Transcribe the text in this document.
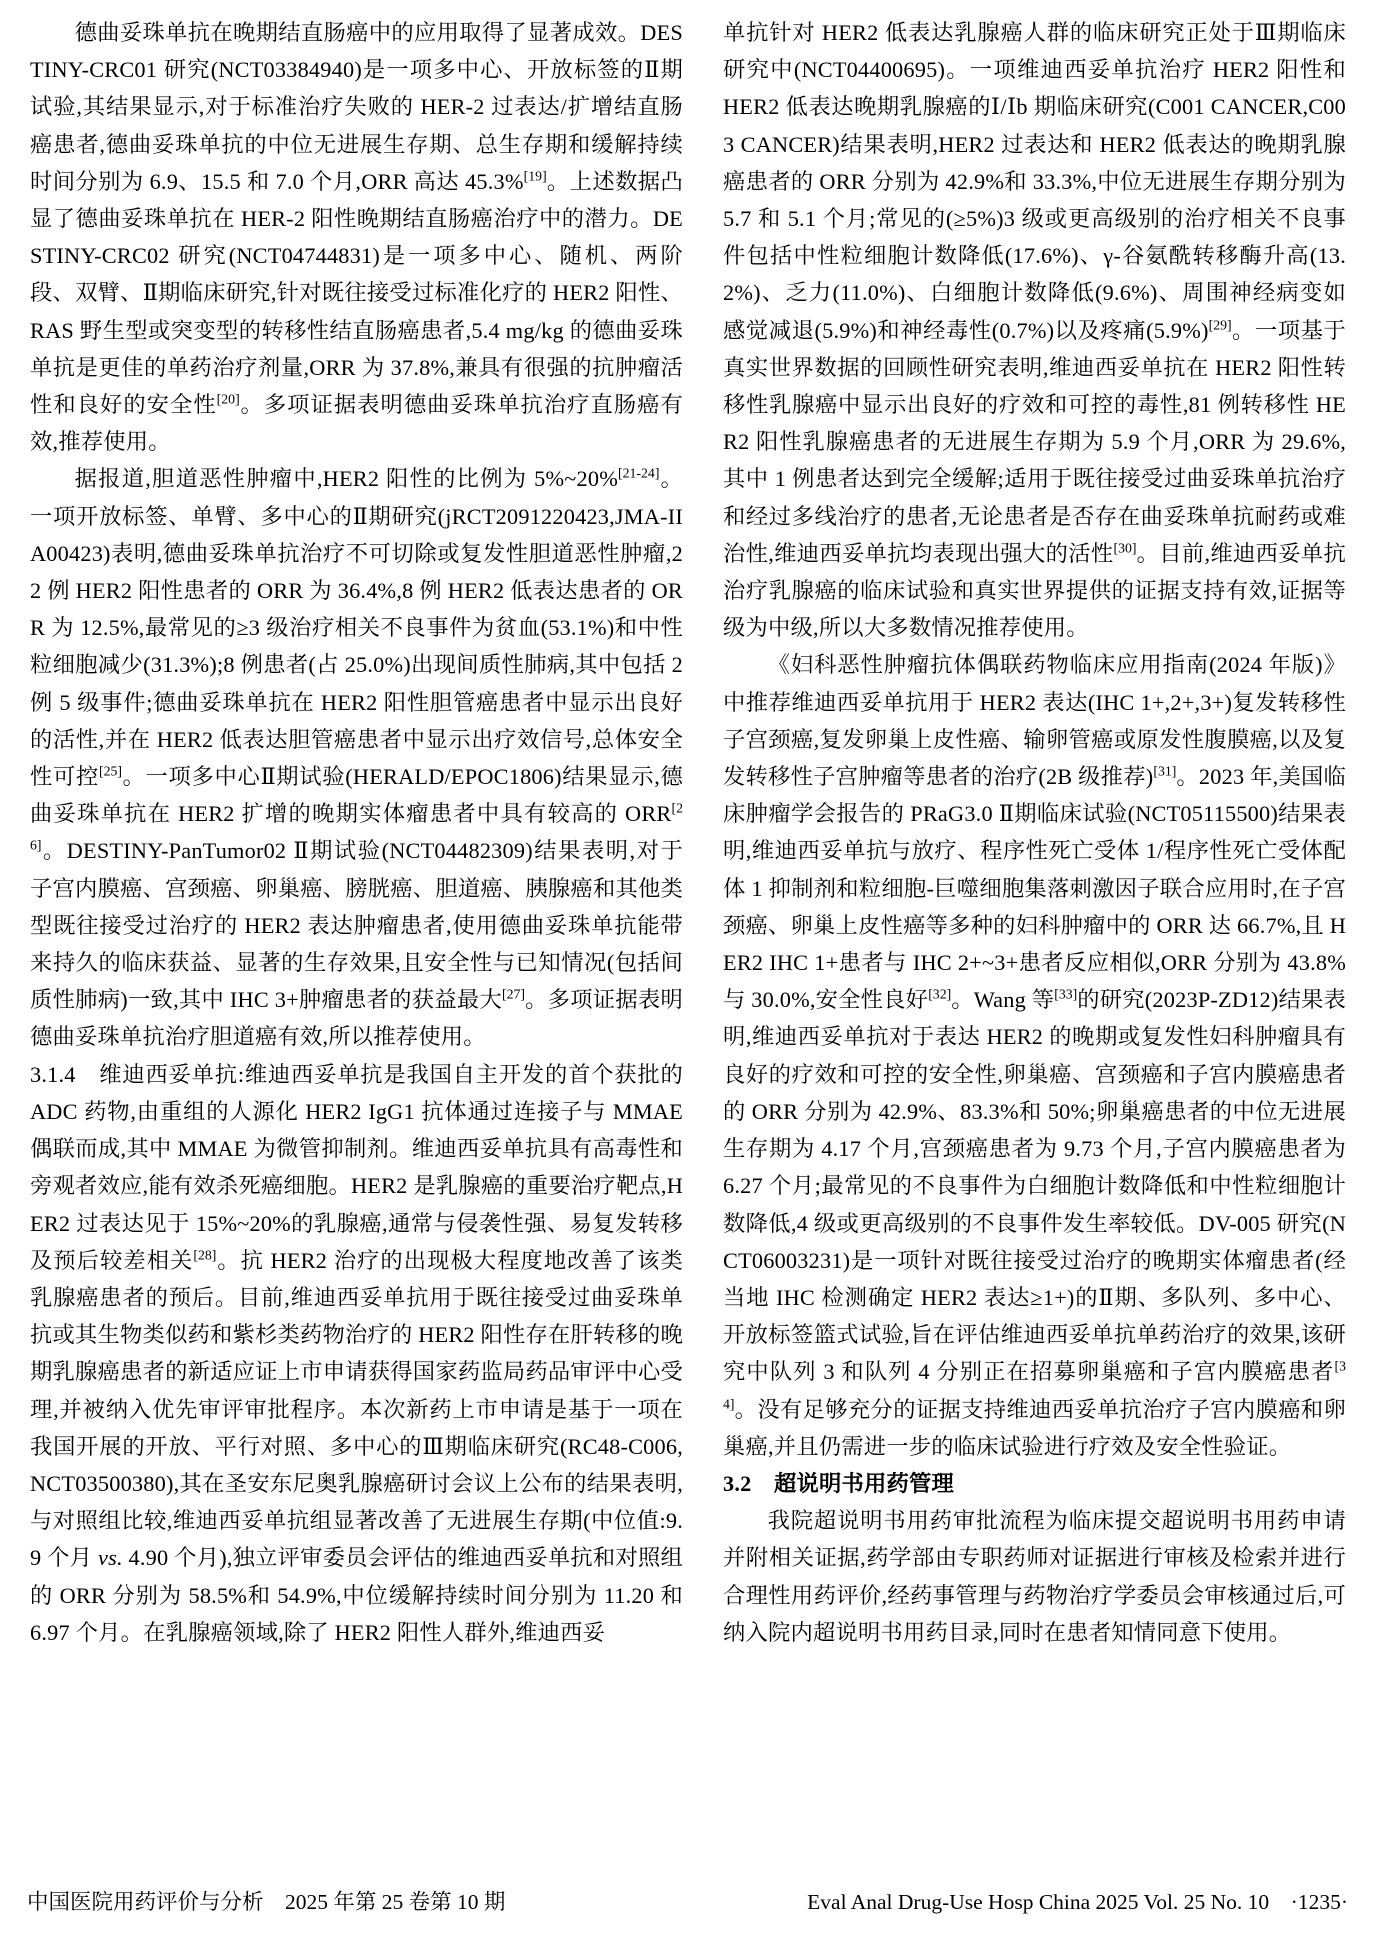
德曲妥珠单抗在晚期结直肠癌中的应用取得了显著成效。DESTINY-CRC01 研究(NCT03384940)是一项多中心、开放标签的Ⅱ期试验,其结果显示,对于标准治疗失败的 HER-2 过表达/扩增结直肠癌患者,德曲妥珠单抗的中位无进展生存期、总生存期和缓解持续时间分别为 6.9、15.5 和 7.0 个月,ORR 高达 45.3%[19]。上述数据凸显了德曲妥珠单抗在 HER-2 阳性晚期结直肠癌治疗中的潜力。DESTINY-CRC02 研究(NCT04744831)是一项多中心、随机、两阶段、双臂、Ⅱ期临床研究,针对既往接受过标准化疗的 HER2 阳性、RAS 野生型或突变型的转移性结直肠癌患者,5.4 mg/kg 的德曲妥珠单抗是更佳的单药治疗剂量,ORR 为 37.8%,兼具有很强的抗肿瘤活性和良好的安全性[20]。多项证据表明德曲妥珠单抗治疗直肠癌有效,推荐使用。

据报道,胆道恶性肿瘤中,HER2 阳性的比例为 5%~20%[21-24]。一项开放标签、单臂、多中心的Ⅱ期研究(jRCT2091220423,JMA-IIA00423)表明,德曲妥珠单抗治疗不可切除或复发性胆道恶性肿瘤,22 例 HER2 阳性患者的 ORR 为 36.4%,8 例 HER2 低表达患者的 ORR 为 12.5%,最常见的≥3 级治疗相关不良事件为贫血(53.1%)和中性粒细胞减少(31.3%);8 例患者(占 25.0%)出现间质性肺病,其中包括 2 例 5 级事件;德曲妥珠单抗在 HER2 阳性胆管癌患者中显示出良好的活性,并在 HER2 低表达胆管癌患者中显示出疗效信号,总体安全性可控[25]。一项多中心Ⅱ期试验(HERALD/EPOC1806)结果显示,德曲妥珠单抗在 HER2 扩增的晚期实体瘤患者中具有较高的 ORR[26]。DESTINY-PanTumor02 Ⅱ期试验(NCT04482309)结果表明,对于子宫内膜癌、宫颈癌、卵巢癌、膀胱癌、胆道癌、胰腺癌和其他类型既往接受过治疗的 HER2 表达肿瘤患者,使用德曲妥珠单抗能带来持久的临床获益、显著的生存效果,且安全性与已知情况(包括间质性肺病)一致,其中 IHC 3+肿瘤患者的获益最大[27]。多项证据表明德曲妥珠单抗治疗胆道癌有效,所以推荐使用。

3.1.4　维迪西妥单抗:维迪西妥单抗是我国自主开发的首个获批的 ADC 药物,由重组的人源化 HER2 IgG1 抗体通过连接子与 MMAE 偶联而成,其中 MMAE 为微管抑制剂。维迪西妥单抗具有高毒性和旁观者效应,能有效杀死癌细胞。HER2 是乳腺癌的重要治疗靶点,HER2 过表达见于 15%~20%的乳腺癌,通常与侵袭性强、易复发转移及预后较差相关[28]。抗 HER2 治疗的出现极大程度地改善了该类乳腺癌患者的预后。目前,维迪西妥单抗用于既往接受过曲妥珠单抗或其生物类似药和紫杉类药物治疗的 HER2 阳性存在肝转移的晚期乳腺癌患者的新适应证上市申请获得国家药监局药品审评中心受理,并被纳入优先审评审批程序。本次新药上市申请是基于一项在我国开展的开放、平行对照、多中心的Ⅲ期临床研究(RC48-C006,NCT03500380),其在圣安东尼奥乳腺癌研讨会议上公布的结果表明,与对照组比较,维迪西妥单抗组显著改善了无进展生存期(中位值:9.9 个月 vs. 4.90 个月),独立评审委员会评估的维迪西妥单抗和对照组的 ORR 分别为 58.5%和 54.9%,中位缓解持续时间分别为 11.20 和 6.97 个月。在乳腺癌领域,除了 HER2 阳性人群外,维迪西妥

单抗针对 HER2 低表达乳腺癌人群的临床研究正处于Ⅲ期临床研究中(NCT04400695)。一项维迪西妥单抗治疗 HER2 阳性和 HER2 低表达晚期乳腺癌的Ⅰ/Ⅰb 期临床研究(C001 CANCER,C003 CANCER)结果表明,HER2 过表达和 HER2 低表达的晚期乳腺癌患者的 ORR 分别为 42.9%和 33.3%,中位无进展生存期分别为 5.7 和 5.1 个月;常见的(≥5%)3 级或更高级别的治疗相关不良事件包括中性粒细胞计数降低(17.6%)、γ-谷氨酰转移酶升高(13.2%)、乏力(11.0%)、白细胞计数降低(9.6%)、周围神经病变如感觉减退(5.9%)和神经毒性(0.7%)以及疼痛(5.9%)[29]。一项基于真实世界数据的回顾性研究表明,维迪西妥单抗在 HER2 阳性转移性乳腺癌中显示出良好的疗效和可控的毒性,81 例转移性 HER2 阳性乳腺癌患者的无进展生存期为 5.9 个月,ORR 为 29.6%,其中 1 例患者达到完全缓解;适用于既往接受过曲妥珠单抗治疗和经过多线治疗的患者,无论患者是否存在曲妥珠单抗耐药或难治性,维迪西妥单抗均表现出强大的活性[30]。目前,维迪西妥单抗治疗乳腺癌的临床试验和真实世界提供的证据支持有效,证据等级为中级,所以大多数情况推荐使用。

《妇科恶性肿瘤抗体偶联药物临床应用指南(2024 年版)》中推荐维迪西妥单抗用于 HER2 表达(IHC 1+,2+,3+)复发转移性子宫颈癌,复发卵巢上皮性癌、输卵管癌或原发性腹膜癌,以及复发转移性子宫肿瘤等患者的治疗(2B 级推荐)[31]。2023 年,美国临床肿瘤学会报告的 PRaG3.0 Ⅱ期临床试验(NCT05115500)结果表明,维迪西妥单抗与放疗、程序性死亡受体 1/程序性死亡受体配体 1 抑制剂和粒细胞-巨噬细胞集落刺激因子联合应用时,在子宫颈癌、卵巢上皮性癌等多种的妇科肿瘤中的 ORR 达 66.7%,且 HER2 IHC 1+患者与 IHC 2+~3+患者反应相似,ORR 分别为 43.8%与 30.0%,安全性良好[32]。Wang 等[33]的研究(2023P-ZD12)结果表明,维迪西妥单抗对于表达 HER2 的晚期或复发性妇科肿瘤具有良好的疗效和可控的安全性,卵巢癌、宫颈癌和子宫内膜癌患者的 ORR 分别为 42.9%、83.3%和 50%;卵巢癌患者的中位无进展生存期为 4.17 个月,宫颈癌患者为 9.73 个月,子宫内膜癌患者为 6.27 个月;最常见的不良事件为白细胞计数降低和中性粒细胞计数降低,4 级或更高级别的不良事件发生率较低。DV-005 研究(NCT06003231)是一项针对既往接受过治疗的晚期实体瘤患者(经当地 IHC 检测确定 HER2 表达≥1+)的Ⅱ期、多队列、多中心、开放标签篮式试验,旨在评估维迪西妥单抗单药治疗的效果,该研究中队列 3 和队列 4 分别正在招募卵巢癌和子宫内膜癌患者[34]。没有足够充分的证据支持维迪西妥单抗治疗子宫内膜癌和卵巢癌,并且仍需进一步的临床试验进行疗效及安全性验证。

3.2　超说明书用药管理

我院超说明书用药审批流程为临床提交超说明书用药申请并附相关证据,药学部由专职药师对证据进行审核及检索并进行合理性用药评价,经药事管理与药物治疗学委员会审核通过后,可纳入院内超说明书用药目录,同时在患者知情同意下使用。

中国医院用药评价与分析　2025 年第 25 卷第 10 期	Eval Anal Drug-Use Hosp China 2025 Vol. 25 No. 10　·1235·
